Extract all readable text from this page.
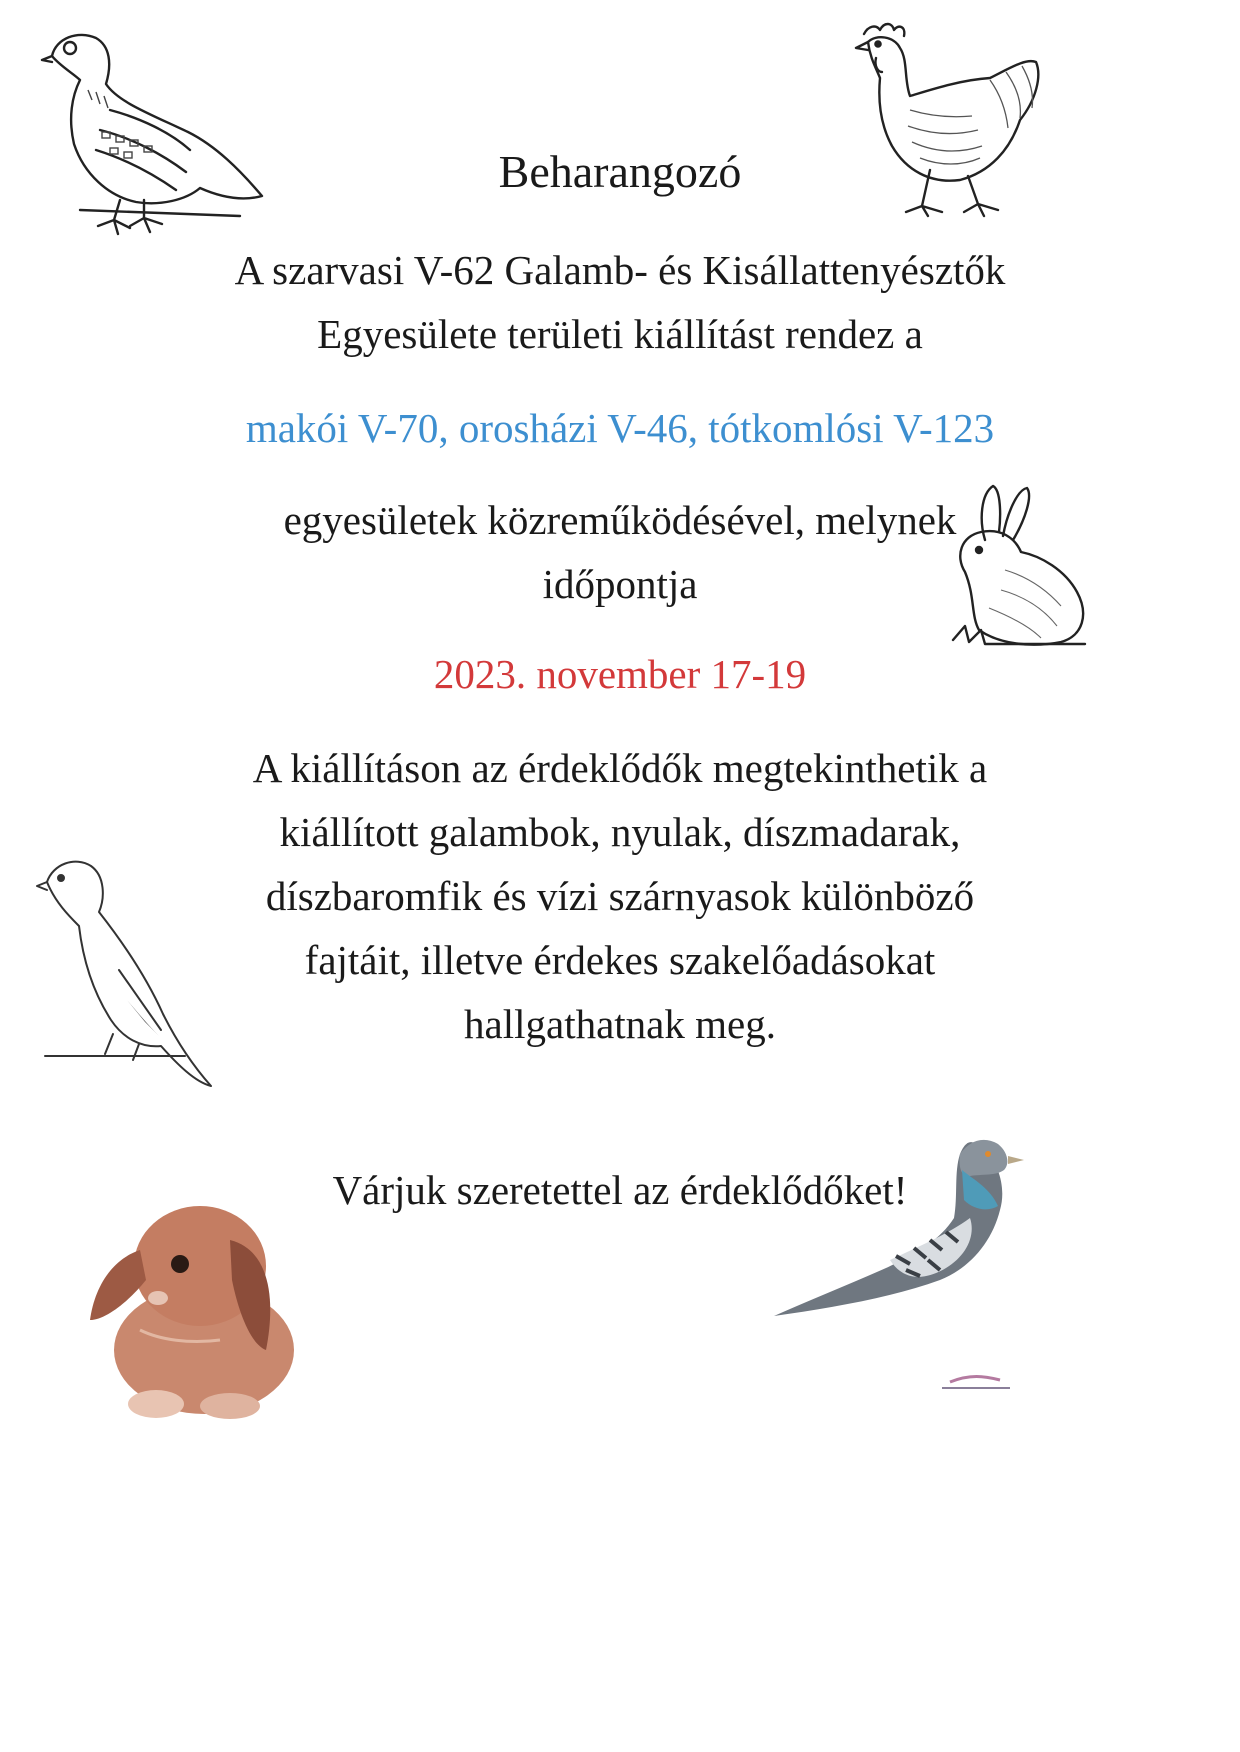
Beharangozó

A szarvasi V-62 Galamb- és Kisállattenyésztők

Egyesülete területi kiállítást rendez a

makói V-70, orosházi V-46, tótkomlósi V-123

egyesületek közreműködésével, melynek

időpontja

2023. november 17-19

A kiállításon az érdeklődők megtekinthetik a

kiállított galambok, nyulak, díszmadarak,

díszbaromfik és vízi szárnyasok különböző

fajtáit, illetve érdekes szakelőadásokat

hallgathatnak meg.

Várjuk szeretettel az érdeklődőket!
